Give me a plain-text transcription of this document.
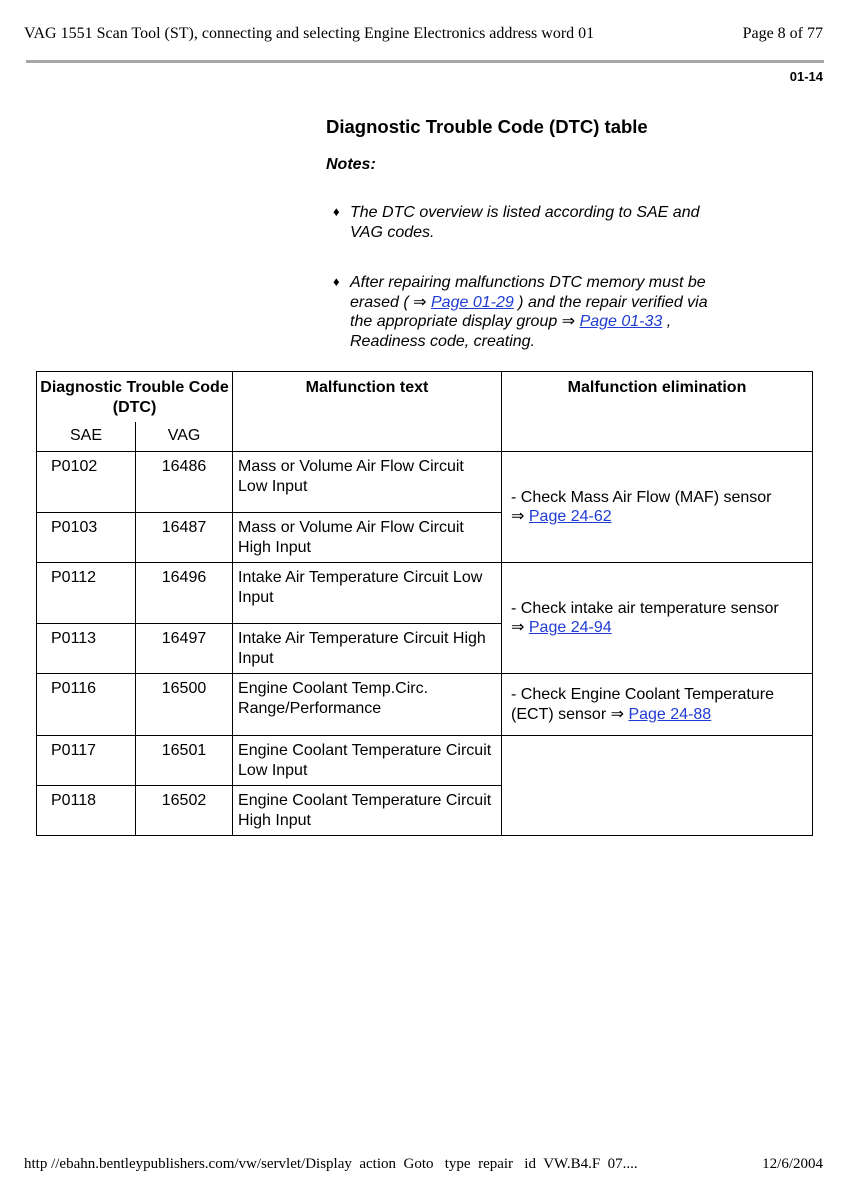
VAG 1551 Scan Tool (ST), connecting and selecting Engine Electronics address word 01	Page 8 of 77
01-14
Diagnostic Trouble Code (DTC) table
Notes:
♦ The DTC overview is listed according to SAE and VAG codes.
♦ After repairing malfunctions DTC memory must be erased ( ⇒ Page 01-29 ) and the repair verified via the appropriate display group ⇒ Page 01-33 , Readiness code, creating.
Diagnostic Trouble Code (DTC)		Malfunction text	Malfunction elimination
SAE	VAG		
P0102	16486	Mass or Volume Air Flow Circuit Low Input	- Check Mass Air Flow (MAF) sensor
⇒ Page 24-62
P0103	16487	Mass or Volume Air Flow Circuit High Input	
P0112	16496	Intake Air Temperature Circuit Low Input	- Check intake air temperature sensor
⇒ Page 24-94
P0113	16497	Intake Air Temperature Circuit High Input	
P0116	16500	Engine Coolant Temp.Circ. Range/Performance	- Check Engine Coolant Temperature (ECT) sensor ⇒ Page 24-88
P0117	16501	Engine Coolant Temperature Circuit Low Input	
P0118	16502	Engine Coolant Temperature Circuit High Input	
http //ebahn.bentleypublishers.com/vw/servlet/Display  action  Goto   type  repair   id  VW.B4.F  07....	12/6/2004
